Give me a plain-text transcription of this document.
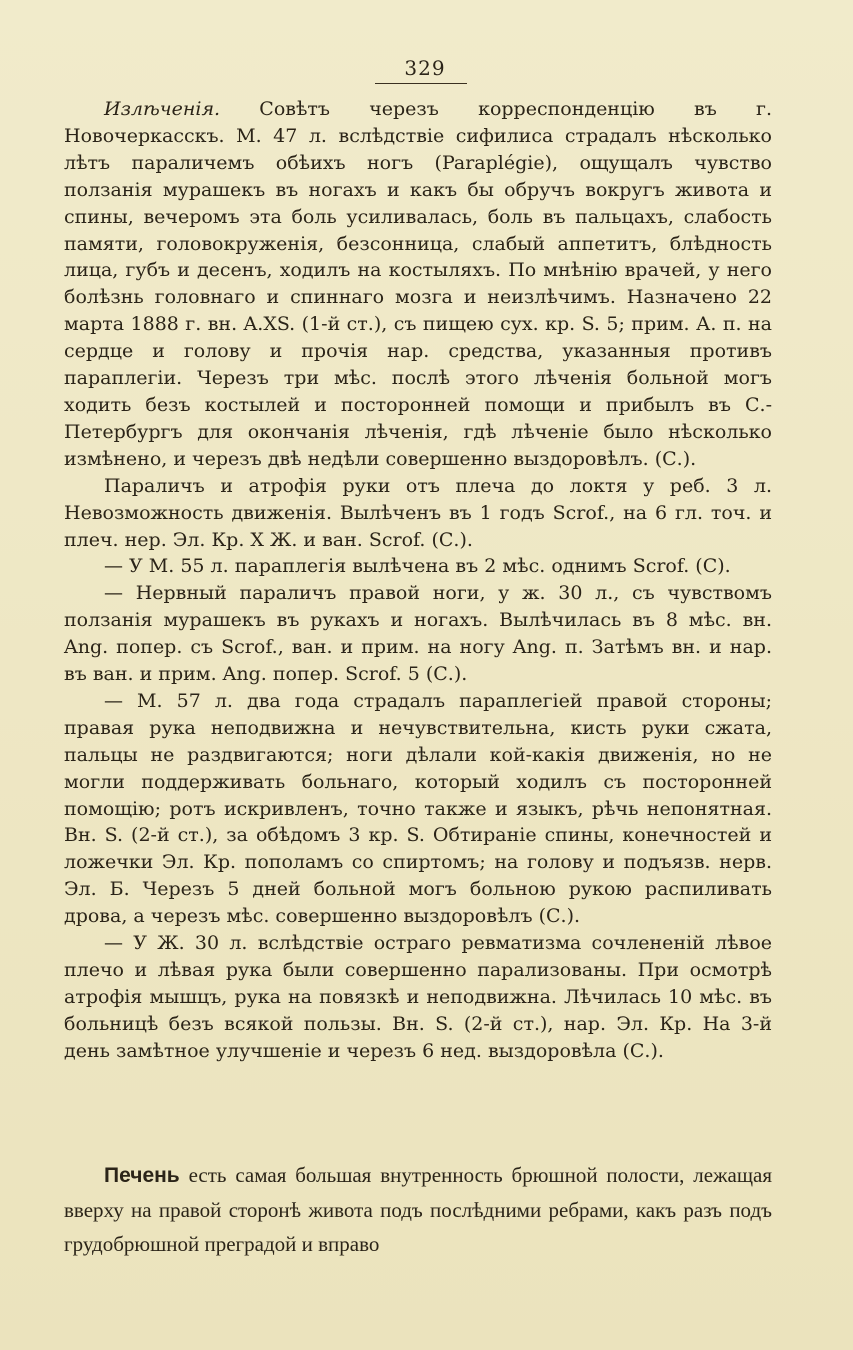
329

Излѣченія. Совѣтъ черезъ корреспонденцію въ г. Новочеркасскъ. М. 47 л. вслѣдствіе сифилиса страдалъ нѣсколько лѣтъ параличемъ обѣихъ ногъ (Paraplégie), ощущалъ чувство ползанія мурашекъ въ ногахъ и какъ бы обручъ вокругъ живота и спины, вечеромъ эта боль усиливалась, боль въ пальцахъ, слабость памяти, головокруженія, безсонница, слабый аппетитъ, блѣдность лица, губъ и десенъ, ходилъ на костыляхъ. По мнѣнію врачей, у него болѣзнь головнаго и спиннаго мозга и неизлѣчимъ. Назначено 22 марта 1888 г. вн. A.XS. (1-й ст.), съ пищею сух. кр. S. 5; прим. А. п. на сердце и голову и прочія нар. средства, указанныя противъ параплегіи. Черезъ три мѣс. послѣ этого лѣченія больной могъ ходить безъ костылей и посторонней помощи и прибылъ въ С.-Петербургъ для окончанія лѣченія, гдѣ лѣченіе было нѣсколько измѣнено, и черезъ двѣ недѣли совершенно выздоровѣлъ. (С.).

Параличъ и атрофія руки отъ плеча до локтя у реб. 3 л. Невозможность движенія. Вылѣченъ въ 1 годъ Scrof., на 6 гл. точ. и плеч. нер. Эл. Кр. X Ж. и ван. Scrof. (С.).

— У М. 55 л. параплегія вылѣчена въ 2 мѣс. однимъ Scrof. (С).

— Нервный параличъ правой ноги, у ж. 30 л., съ чувствомъ ползанія мурашекъ въ рукахъ и ногахъ. Вылѣчилась въ 8 мѣс. вн. Ang. попер. съ Scrof., ван. и прим. на ногу Ang. п. Затѣмъ вн. и нар. въ ван. и прим. Ang. попер. Scrof. 5 (С.).

— М. 57 л. два года страдалъ параплегіей правой стороны; правая рука неподвижна и нечувствительна, кисть руки сжата, пальцы не раздвигаются; ноги дѣлали кой-какія движенія, но не могли поддерживать больнаго, который ходилъ съ посторонней помощію; ротъ искривленъ, точно также и языкъ, рѣчь непонятная. Вн. S. (2-й ст.), за обѣдомъ 3 кр. S. Обтираніе спины, конечностей и ложечки Эл. Кр. пополамъ со спиртомъ; на голову и подъязв. нерв. Эл. Б. Черезъ 5 дней больной могъ больною рукою распиливать дрова, а черезъ мѣс. совершенно выздоровѣлъ (С.).

— У Ж. 30 л. вслѣдствіе остраго ревматизма сочлененій лѣвое плечо и лѣвая рука были совершенно парализованы. При осмотрѣ атрофія мышцъ, рука на повязкѣ и неподвижна. Лѣчилась 10 мѣс. въ больницѣ безъ всякой пользы. Вн. S. (2-й ст.), нар. Эл. Кр. На 3-й день замѣтное улучшеніе и черезъ 6 нед. выздоровѣла (С.).

Печень есть самая большая внутренность брюшной полости, лежащая вверху на правой сторонѣ живота подъ послѣдними ребрами, какъ разъ подъ грудобрюшной преградой и вправо
